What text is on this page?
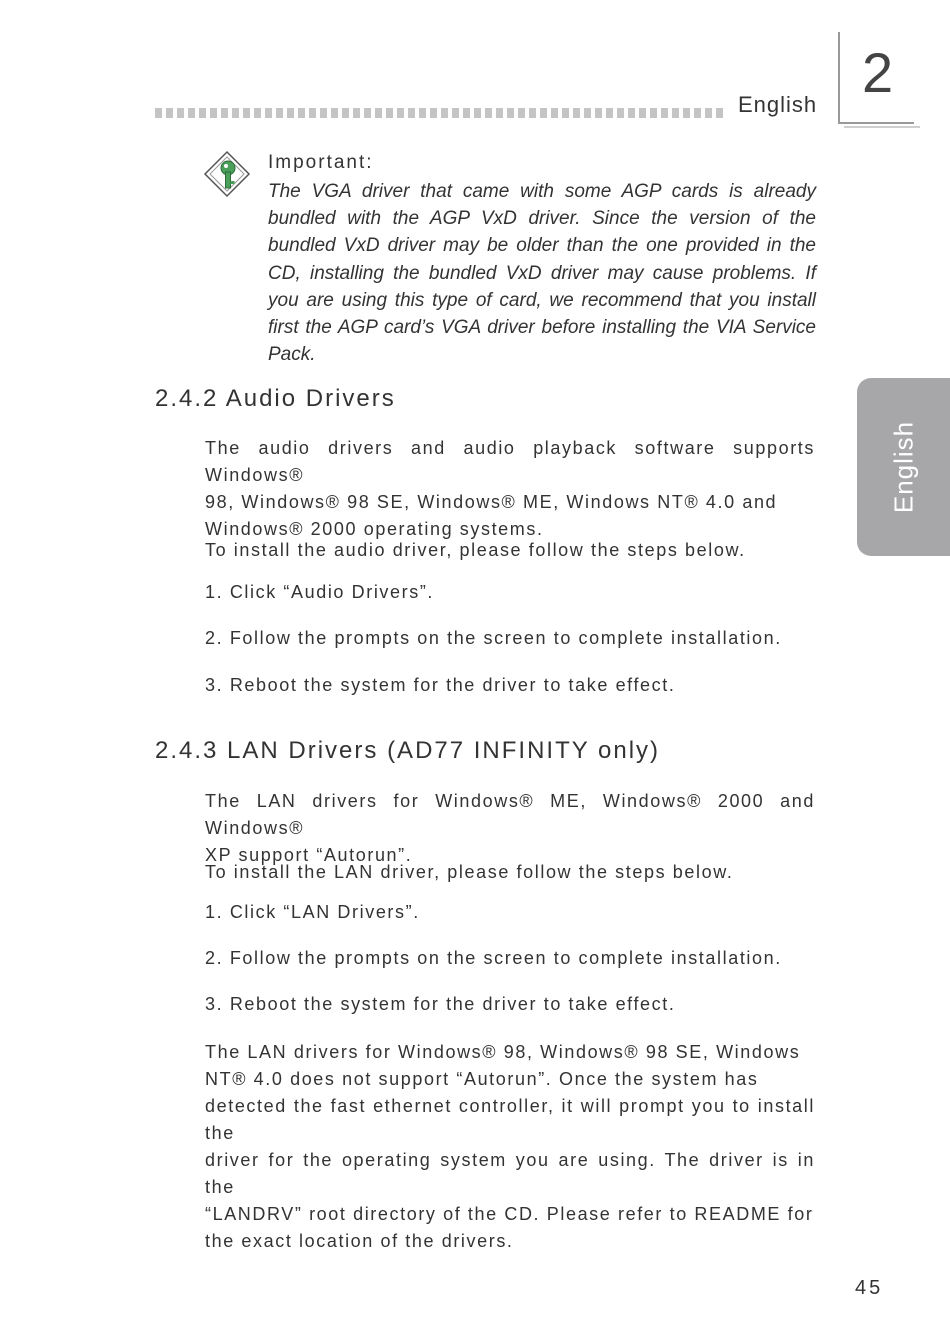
English
2
English
Important:
The VGA driver that came with some AGP cards is already bundled with the AGP VxD driver. Since the version of the bundled VxD driver may be older than the one provided in the CD, installing the bundled VxD driver may cause problems. If you are using this type of card, we recommend that you install first the AGP card’s VGA driver before installing the VIA Service Pack.
2.4.2 Audio Drivers
The audio drivers and audio playback software supports Windows®
98, Windows® 98 SE, Windows® ME, Windows NT® 4.0 and
Windows® 2000 operating systems.
To install the audio driver, please follow the steps below.
1. Click “Audio Drivers”.
2. Follow the prompts on the screen to complete installation.
3. Reboot the system for the driver to take effect.
2.4.3 LAN Drivers (AD77 INFINITY only)
The LAN drivers for Windows® ME, Windows® 2000 and Windows®
XP support “Autorun”.
To install the LAN driver, please follow the steps below.
1. Click “LAN Drivers”.
2. Follow the prompts on the screen to complete installation.
3. Reboot the system for the driver to take effect.
The LAN drivers for Windows® 98, Windows® 98 SE, Windows
NT® 4.0 does not support “Autorun”. Once the system has
detected the fast ethernet controller, it will prompt you to install the
driver for the operating system you are using. The driver is in the
“LANDRV” root directory of the CD. Please refer to README for
the exact location of the drivers.
45
